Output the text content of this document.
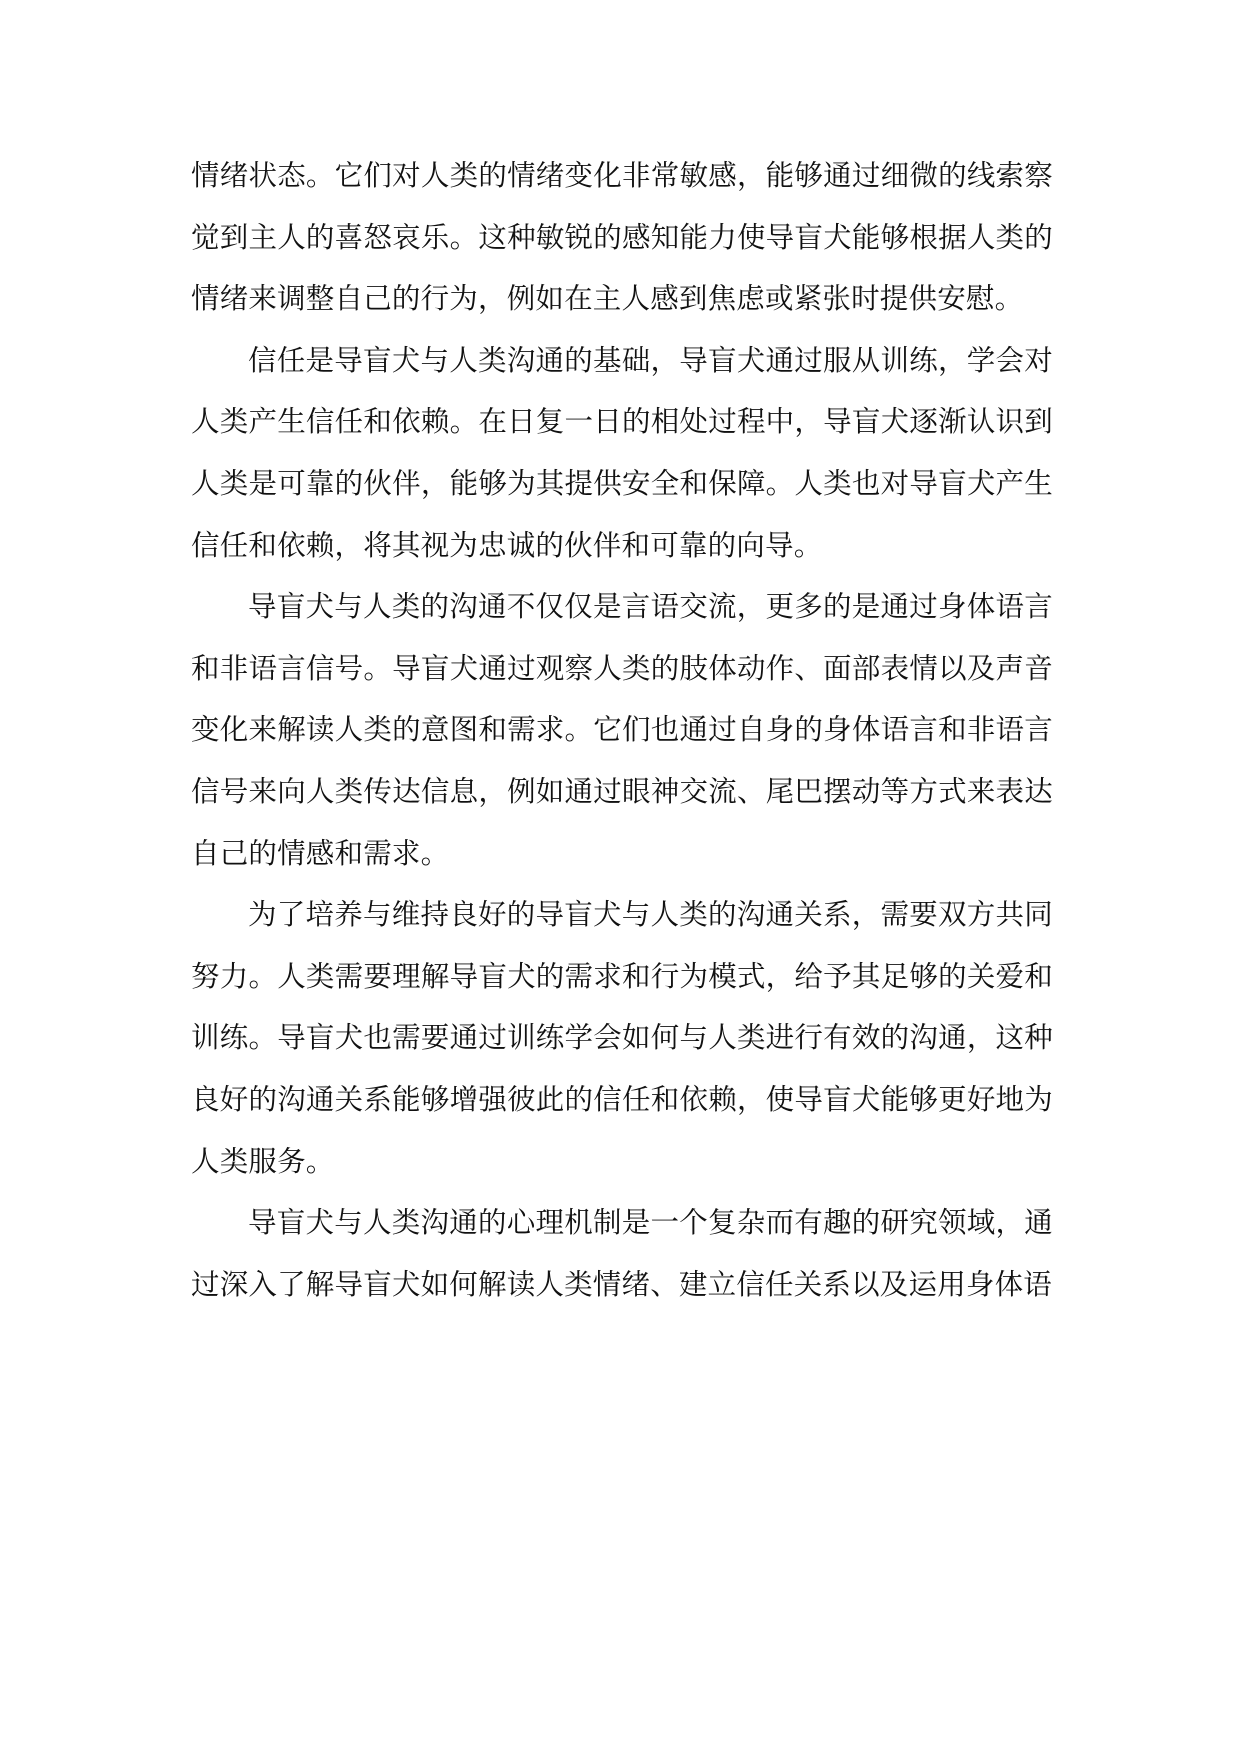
情绪状态。它们对人类的情绪变化非常敏感，能够通过细微的线索察觉到主人的喜怒哀乐。这种敏锐的感知能力使导盲犬能够根据人类的情绪来调整自己的行为，例如在主人感到焦虑或紧张时提供安慰。

信任是导盲犬与人类沟通的基础，导盲犬通过服从训练，学会对人类产生信任和依赖。在日复一日的相处过程中，导盲犬逐渐认识到人类是可靠的伙伴，能够为其提供安全和保障。人类也对导盲犬产生信任和依赖，将其视为忠诚的伙伴和可靠的向导。

导盲犬与人类的沟通不仅仅是言语交流，更多的是通过身体语言和非语言信号。导盲犬通过观察人类的肢体动作、面部表情以及声音变化来解读人类的意图和需求。它们也通过自身的身体语言和非语言信号来向人类传达信息，例如通过眼神交流、尾巴摆动等方式来表达自己的情感和需求。

为了培养与维持良好的导盲犬与人类的沟通关系，需要双方共同努力。人类需要理解导盲犬的需求和行为模式，给予其足够的关爱和训练。导盲犬也需要通过训练学会如何与人类进行有效的沟通，这种良好的沟通关系能够增强彼此的信任和依赖，使导盲犬能够更好地为人类服务。

导盲犬与人类沟通的心理机制是一个复杂而有趣的研究领域，通过深入了解导盲犬如何解读人类情绪、建立信任关系以及运用身体语
